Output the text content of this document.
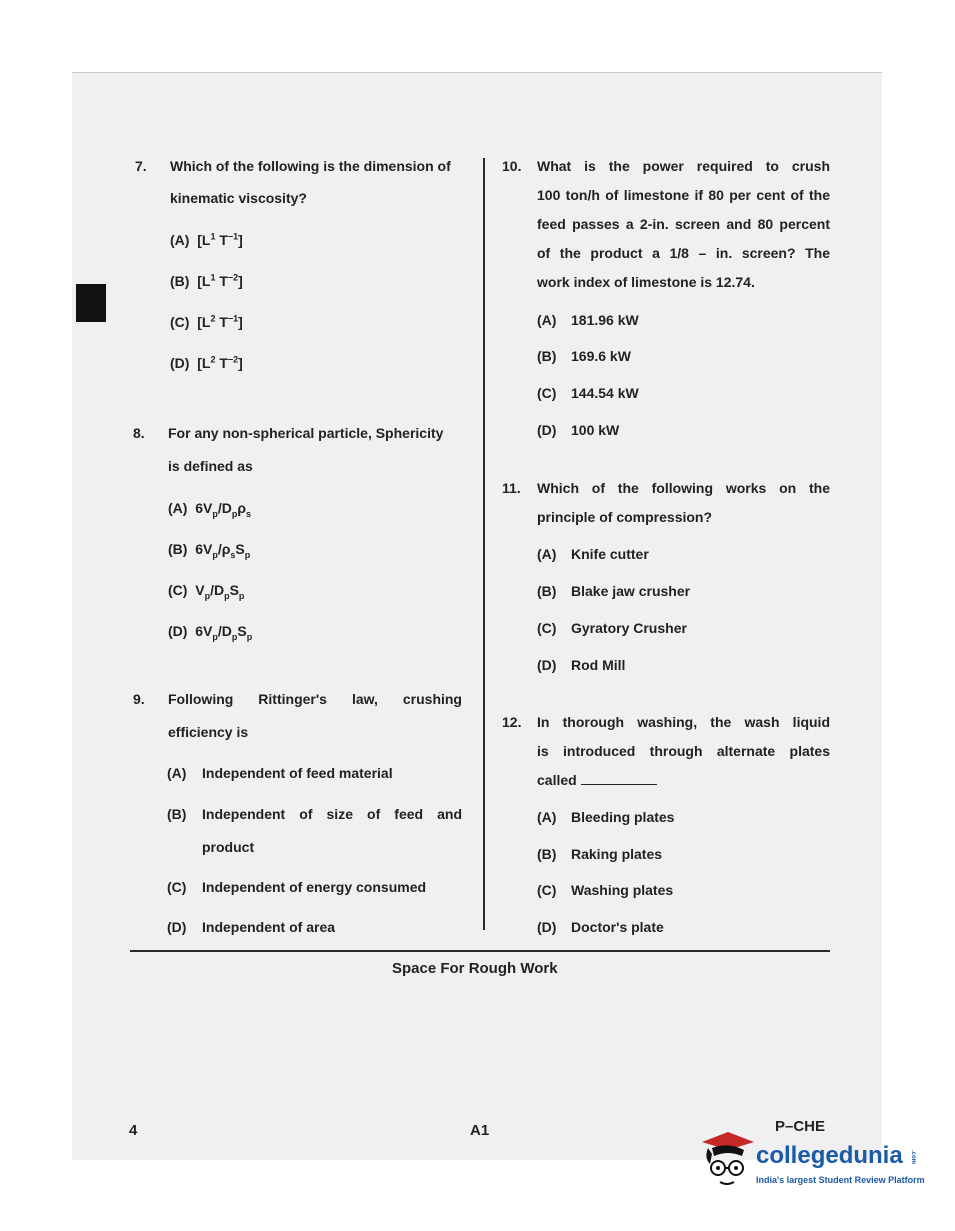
7. Which of the following is the dimension of
kinematic viscosity?
(A)  [$L^1$ $T^{-1}$]
(B)  [$L^1$ $T^{-2}$]
(C)  [$L^2$ $T^{-1}$]
(D)  [$L^2$ $T^{-2}$]
8. For any non-spherical particle, Sphericity
is defined as
(A)  $6V_p/D_p\rho_s$
(B)  $6V_p/\rho_sS_p$
(C)  $V_p/D_pS_p$
(D)  $6V_p/D_pS_p$
9. Following Rittinger's law, crushing
efficiency is
(A) Independent of feed material
(B) Independent of size of feed and
product
(C) Independent of energy consumed
(D) Independent of area
10. What is the power required to crush
100 ton/h of limestone if 80 per cent of the
feed passes a 2-in. screen and 80 percent
of the product a 1/8 – in. screen? The
work index of limestone is 12.74.
(A) 181.96 kW
(B) 169.6 kW
(C) 144.54 kW
(D) 100 kW
11. Which of the following works on the
principle of compression?
(A) Knife cutter
(B) Blake jaw crusher
(C) Gyratory Crusher
(D) Rod Mill
12. In thorough washing, the wash liquid
is introduced through alternate plates
called
(A) Bleeding plates
(B) Raking plates
(C) Washing plates
(D) Doctor's plate
Space For Rough Work
4	A1	P–CHE
collegedunia .com
India's largest Student Review Platform
